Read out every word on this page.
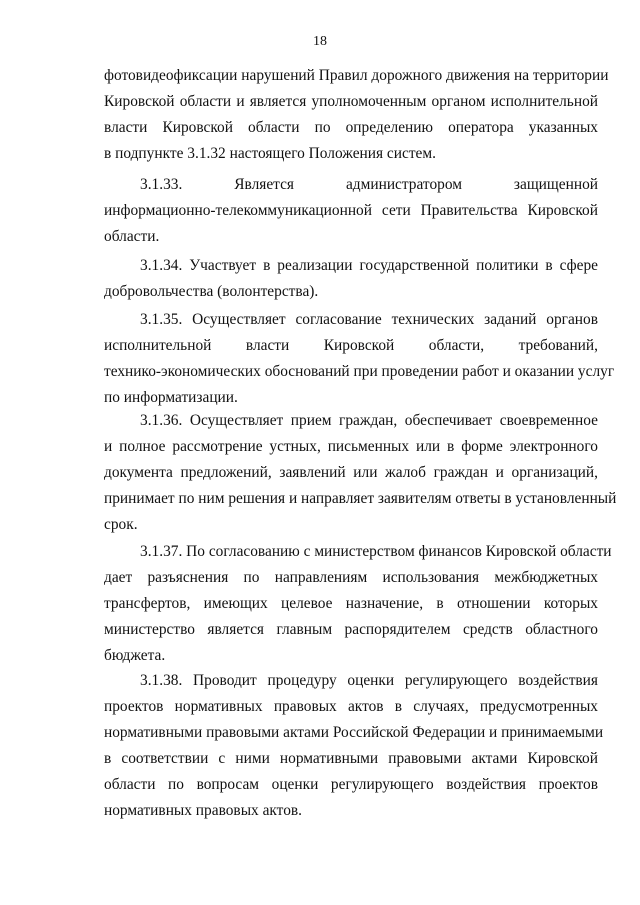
18
фотовидеофиксации нарушений Правил дорожного движения на территории
Кировской области и является уполномоченным органом исполнительной
власти Кировской области по определению оператора указанных
в подпункте 3.1.32 настоящего Положения систем.
3.1.33. Является администратором защищенной
информационно-телекоммуникационной сети Правительства Кировской
области.
3.1.34. Участвует в реализации государственной политики в сфере
добровольчества (волонтерства).
3.1.35. Осуществляет согласование технических заданий органов
исполнительной власти Кировской области, требований,
технико-экономических обоснований при проведении работ и оказании услуг
по информатизации.
3.1.36. Осуществляет прием граждан, обеспечивает своевременное
и полное рассмотрение устных, письменных или в форме электронного
документа предложений, заявлений или жалоб граждан и организаций,
принимает по ним решения и направляет заявителям ответы в установленный
срок.
3.1.37. По согласованию с министерством финансов Кировской области
дает разъяснения по направлениям использования межбюджетных
трансфертов, имеющих целевое назначение, в отношении которых
министерство является главным распорядителем средств областного
бюджета.
3.1.38. Проводит процедуру оценки регулирующего воздействия
проектов нормативных правовых актов в случаях, предусмотренных
нормативными правовыми актами Российской Федерации и принимаемыми
в соответствии с ними нормативными правовыми актами Кировской
области по вопросам оценки регулирующего воздействия проектов
нормативных правовых актов.
